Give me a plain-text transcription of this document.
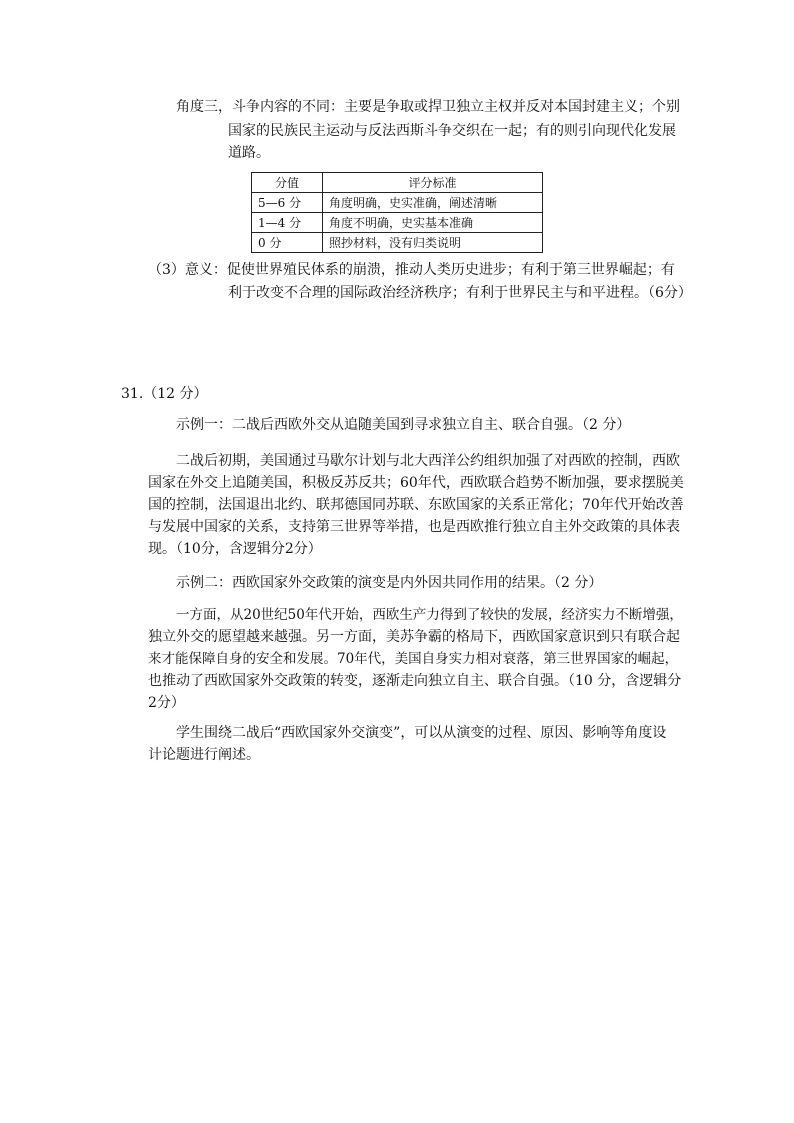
角度三，斗争内容的不同：主要是争取或捍卫独立主权并反对本国封建主义；个别
国家的民族民主运动与反法西斯斗争交织在一起；有的则引向现代化发展
道路。
分值	评分标准
5—6 分	角度明确，史实准确，阐述清晰
1—4 分	角度不明确，史实基本准确
0 分	照抄材料，没有归类说明
（3）意义：促使世界殖民体系的崩溃，推动人类历史进步；有利于第三世界崛起；有
利于改变不合理的国际政治经济秩序；有利于世界民主与和平进程。（6分）
31.（12 分）
示例一：二战后西欧外交从追随美国到寻求独立自主、联合自强。（2 分）
二战后初期，美国通过马歇尔计划与北大西洋公约组织加强了对西欧的控制，西欧
国家在外交上追随美国，积极反苏反共；60年代，西欧联合趋势不断加强，要求摆脱美
国的控制，法国退出北约、联邦德国同苏联、东欧国家的关系正常化；70年代开始改善
与发展中国家的关系，支持第三世界等举措，也是西欧推行独立自主外交政策的具体表
现。（10分，含逻辑分2分）
示例二：西欧国家外交政策的演变是内外因共同作用的结果。（2 分）
一方面，从20世纪50年代开始，西欧生产力得到了较快的发展，经济实力不断增强，
独立外交的愿望越来越强。另一方面，美苏争霸的格局下，西欧国家意识到只有联合起
来才能保障自身的安全和发展。70年代，美国自身实力相对衰落，第三世界国家的崛起，
也推动了西欧国家外交政策的转变，逐渐走向独立自主、联合自强。（10 分，含逻辑分
2分）
学生围绕二战后“西欧国家外交演变”，可以从演变的过程、原因、影响等角度设
计论题进行阐述。
